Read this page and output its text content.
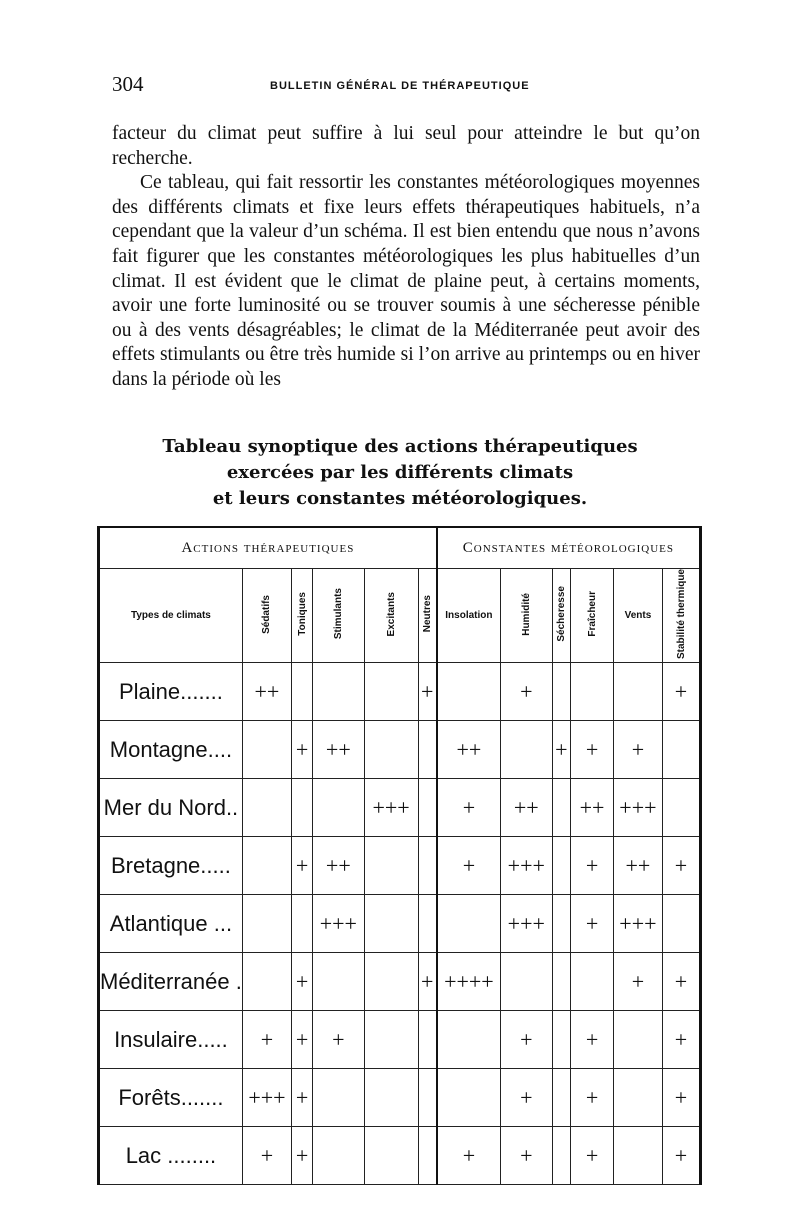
304	BULLETIN GÉNÉRAL DE THÉRAPEUTIQUE

facteur du climat peut suffire à lui seul pour atteindre le but qu’on recherche.

Ce tableau, qui fait ressortir les constantes météorologiques moyennes des différents climats et fixe leurs effets thérapeutiques habituels, n’a cependant que la valeur d’un schéma. Il est bien entendu que nous n’avons fait figurer que les constantes météorologiques les plus habituelles d’un climat. Il est évident que le climat de plaine peut, à certains moments, avoir une forte luminosité ou se trouver soumis à une sécheresse pénible ou à des vents désagréables; le climat de la Méditerranée peut avoir des effets stimulants ou être très humide si l’on arrive au printemps ou en hiver dans la période où les

Tableau synoptique des actions thérapeutiques
exercées par les différents climats
et leurs constantes météorologiques.
Actions thérapeutiques						Constantes météorologiques					
Types de climats	Sédatifs	Toniques	Stimulants	Excitants	Neutres	Insolation	Humidité	Sécheresse	Fraîcheur	Vents	Stabilité thermique
Plaine.......	++				+		+				+
Montagne....		+	++			++		+	+	+	
Mer du Nord..				+++		+	++		++	+++	
Bretagne.....		+	++			+	+++		+	++	+
Atlantique ...			+++				+++		+	+++	
Méditerranée .		+			+	++++				+	+
Insulaire.....	+	+	+				+		+		+
Forêts.......	+++	+					+		+		+
Lac ........	+	+				+	+		+		+
